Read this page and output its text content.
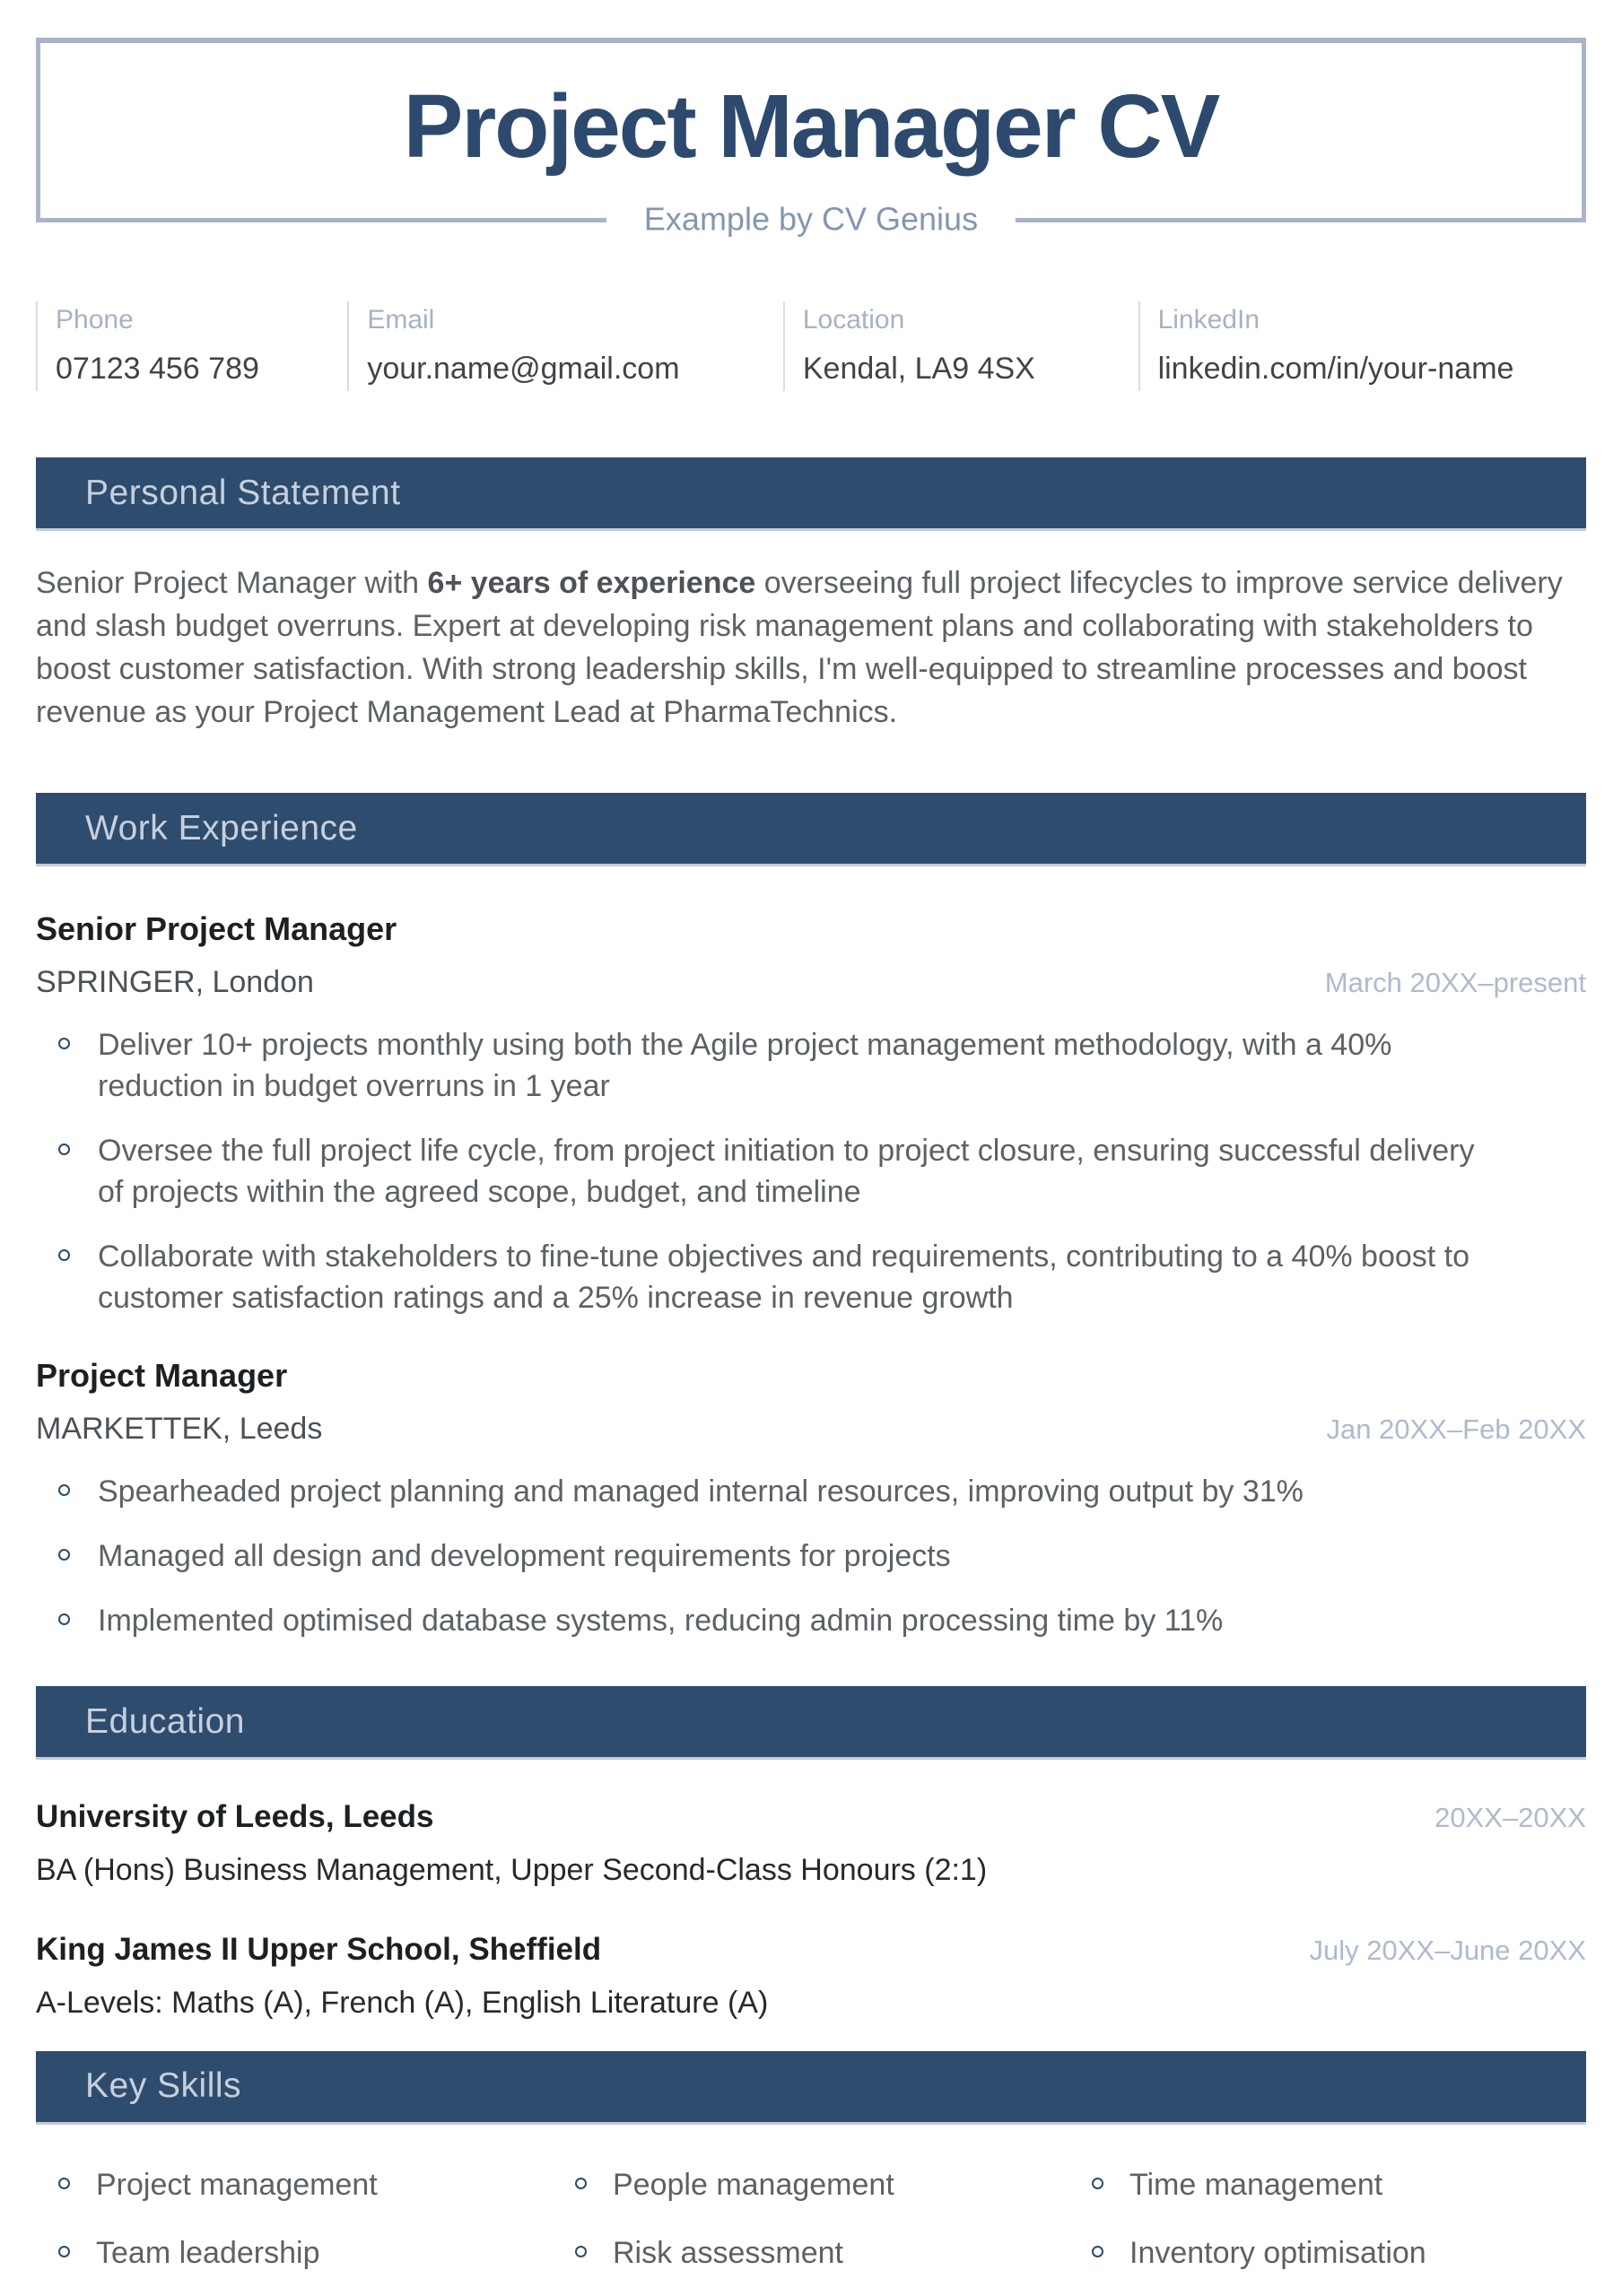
Project Manager CV
Example by CV Genius
Phone
07123 456 789
Email
your.name@gmail.com
Location
Kendal, LA9 4SX
LinkedIn
linkedin.com/in/your-name
Personal Statement

Senior Project Manager with 6+ years of experience overseeing full project lifecycles to improve service delivery and slash budget overruns. Expert at developing risk management plans and collaborating with stakeholders to boost customer satisfaction. With strong leadership skills, I'm well-equipped to streamline processes and boost revenue as your Project Management Lead at PharmaTechnics.

Work Experience
Senior Project Manager
SPRINGER, London	March 20XX–present
Deliver 10+ projects monthly using both the Agile project management methodology, with a 40% reduction in budget overruns in 1 year
Oversee the full project life cycle, from project initiation to project closure, ensuring successful delivery of projects within the agreed scope, budget, and timeline
Collaborate with stakeholders to fine-tune objectives and requirements, contributing to a 40% boost to customer satisfaction ratings and a 25% increase in revenue growth
Project Manager
MARKETTEK, Leeds	Jan 20XX–Feb 20XX
Spearheaded project planning and managed internal resources, improving output by 31%
Managed all design and development requirements for projects
Implemented optimised database systems, reducing admin processing time by 11%
Education
University of Leeds, Leeds	20XX–20XX
BA (Hons) Business Management, Upper Second-Class Honours (2:1)
King James II Upper School, Sheffield	July 20XX–June 20XX
A-Levels: Maths (A), French (A), English Literature (A)
Key Skills
Project management	People management	Time management
Team leadership	Risk assessment	Inventory optimisation
